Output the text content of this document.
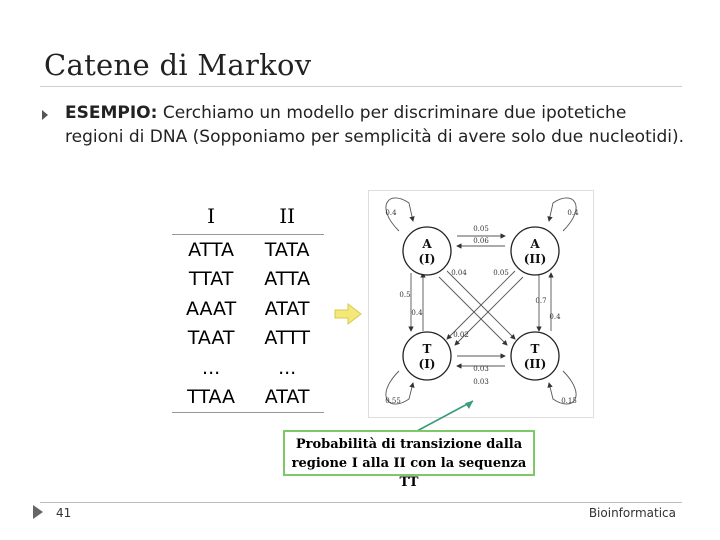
Catene di Markov
ESEMPIO: Cerchiamo un modello per discriminare due ipotetiche regioni di DNA (Sopponiamo per semplicità di avere solo due nucleotidi).
I	II
ATTA	TATA
TTAT	ATTA
AAAT	ATAT
TAAT	ATTT
...	...
TTAA	ATAT
A
(I)
A
(II)
T
(I)
T
(II)
0.4	0.4
0.55	0.15
0.05
0.06
0.04	0.05
0.5
0.4
0.7
0.4
0.02
0.03
0.03
Probabilità di transizione dalla
regione I alla II con la sequenza TT
41	Bioinformatica
